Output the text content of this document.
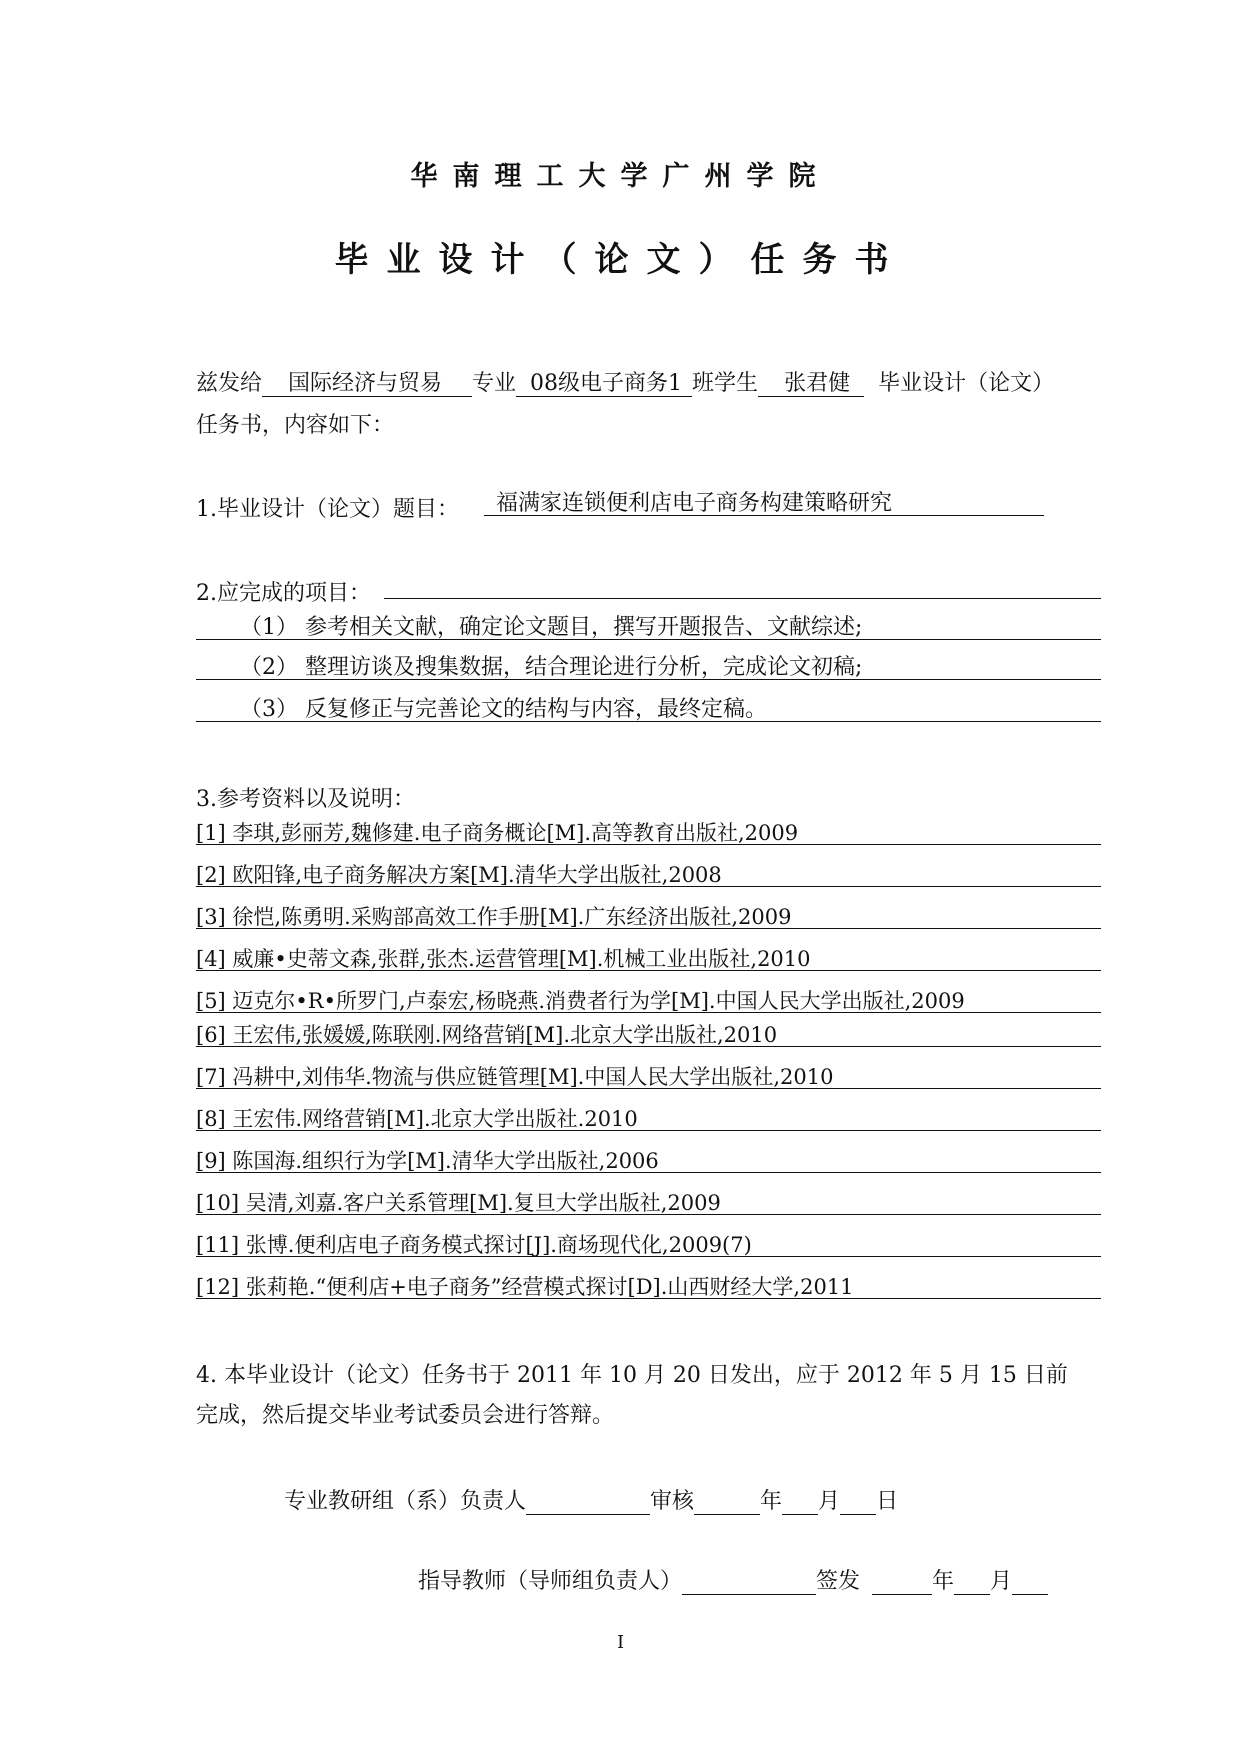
华南理工大学广州学院
毕业设计（论文）任务书
兹发给 国际经济与贸易 专业 08级电子商务1 班学生 张君健 毕业设计（论文）
任务书，内容如下：
1.毕业设计（论文）题目：	福满家连锁便利店电子商务构建策略研究
2.应完成的项目：
（1） 参考相关文献，确定论文题目，撰写开题报告、文献综述;
（2） 整理访谈及搜集数据，结合理论进行分析，完成论文初稿;
（3） 反复修正与完善论文的结构与内容，最终定稿。
3.参考资料以及说明：
[1] 李琪,彭丽芳,魏修建.电子商务概论[M].高等教育出版社,2009
[2] 欧阳锋,电子商务解决方案[M].清华大学出版社,2008
[3] 徐恺,陈勇明.采购部高效工作手册[M].广东经济出版社,2009
[4] 威廉•史蒂文森,张群,张杰.运营管理[M].机械工业出版社,2010
[5] 迈克尔•R•所罗门,卢泰宏,杨晓燕.消费者行为学[M].中国人民大学出版社,2009
[6] 王宏伟,张媛媛,陈联刚.网络营销[M].北京大学出版社,2010
[7] 冯耕中,刘伟华.物流与供应链管理[M].中国人民大学出版社,2010
[8] 王宏伟.网络营销[M].北京大学出版社.2010
[9] 陈国海.组织行为学[M].清华大学出版社,2006
[10] 吴清,刘嘉.客户关系管理[M].复旦大学出版社,2009
[11] 张博.便利店电子商务模式探讨[J].商场现代化,2009(7)
[12] 张莉艳.“便利店+电子商务”经营模式探讨[D].山西财经大学,2011
4. 本毕业设计（论文）任务书于 2011 年 10 月 20 日发出，应于 2012 年 5 月 15 日前
完成，然后提交毕业考试委员会进行答辩。
专业教研组（系）负责人	审核	年 月 日
指导教师（导师组负责人）	签发	年 月
I
